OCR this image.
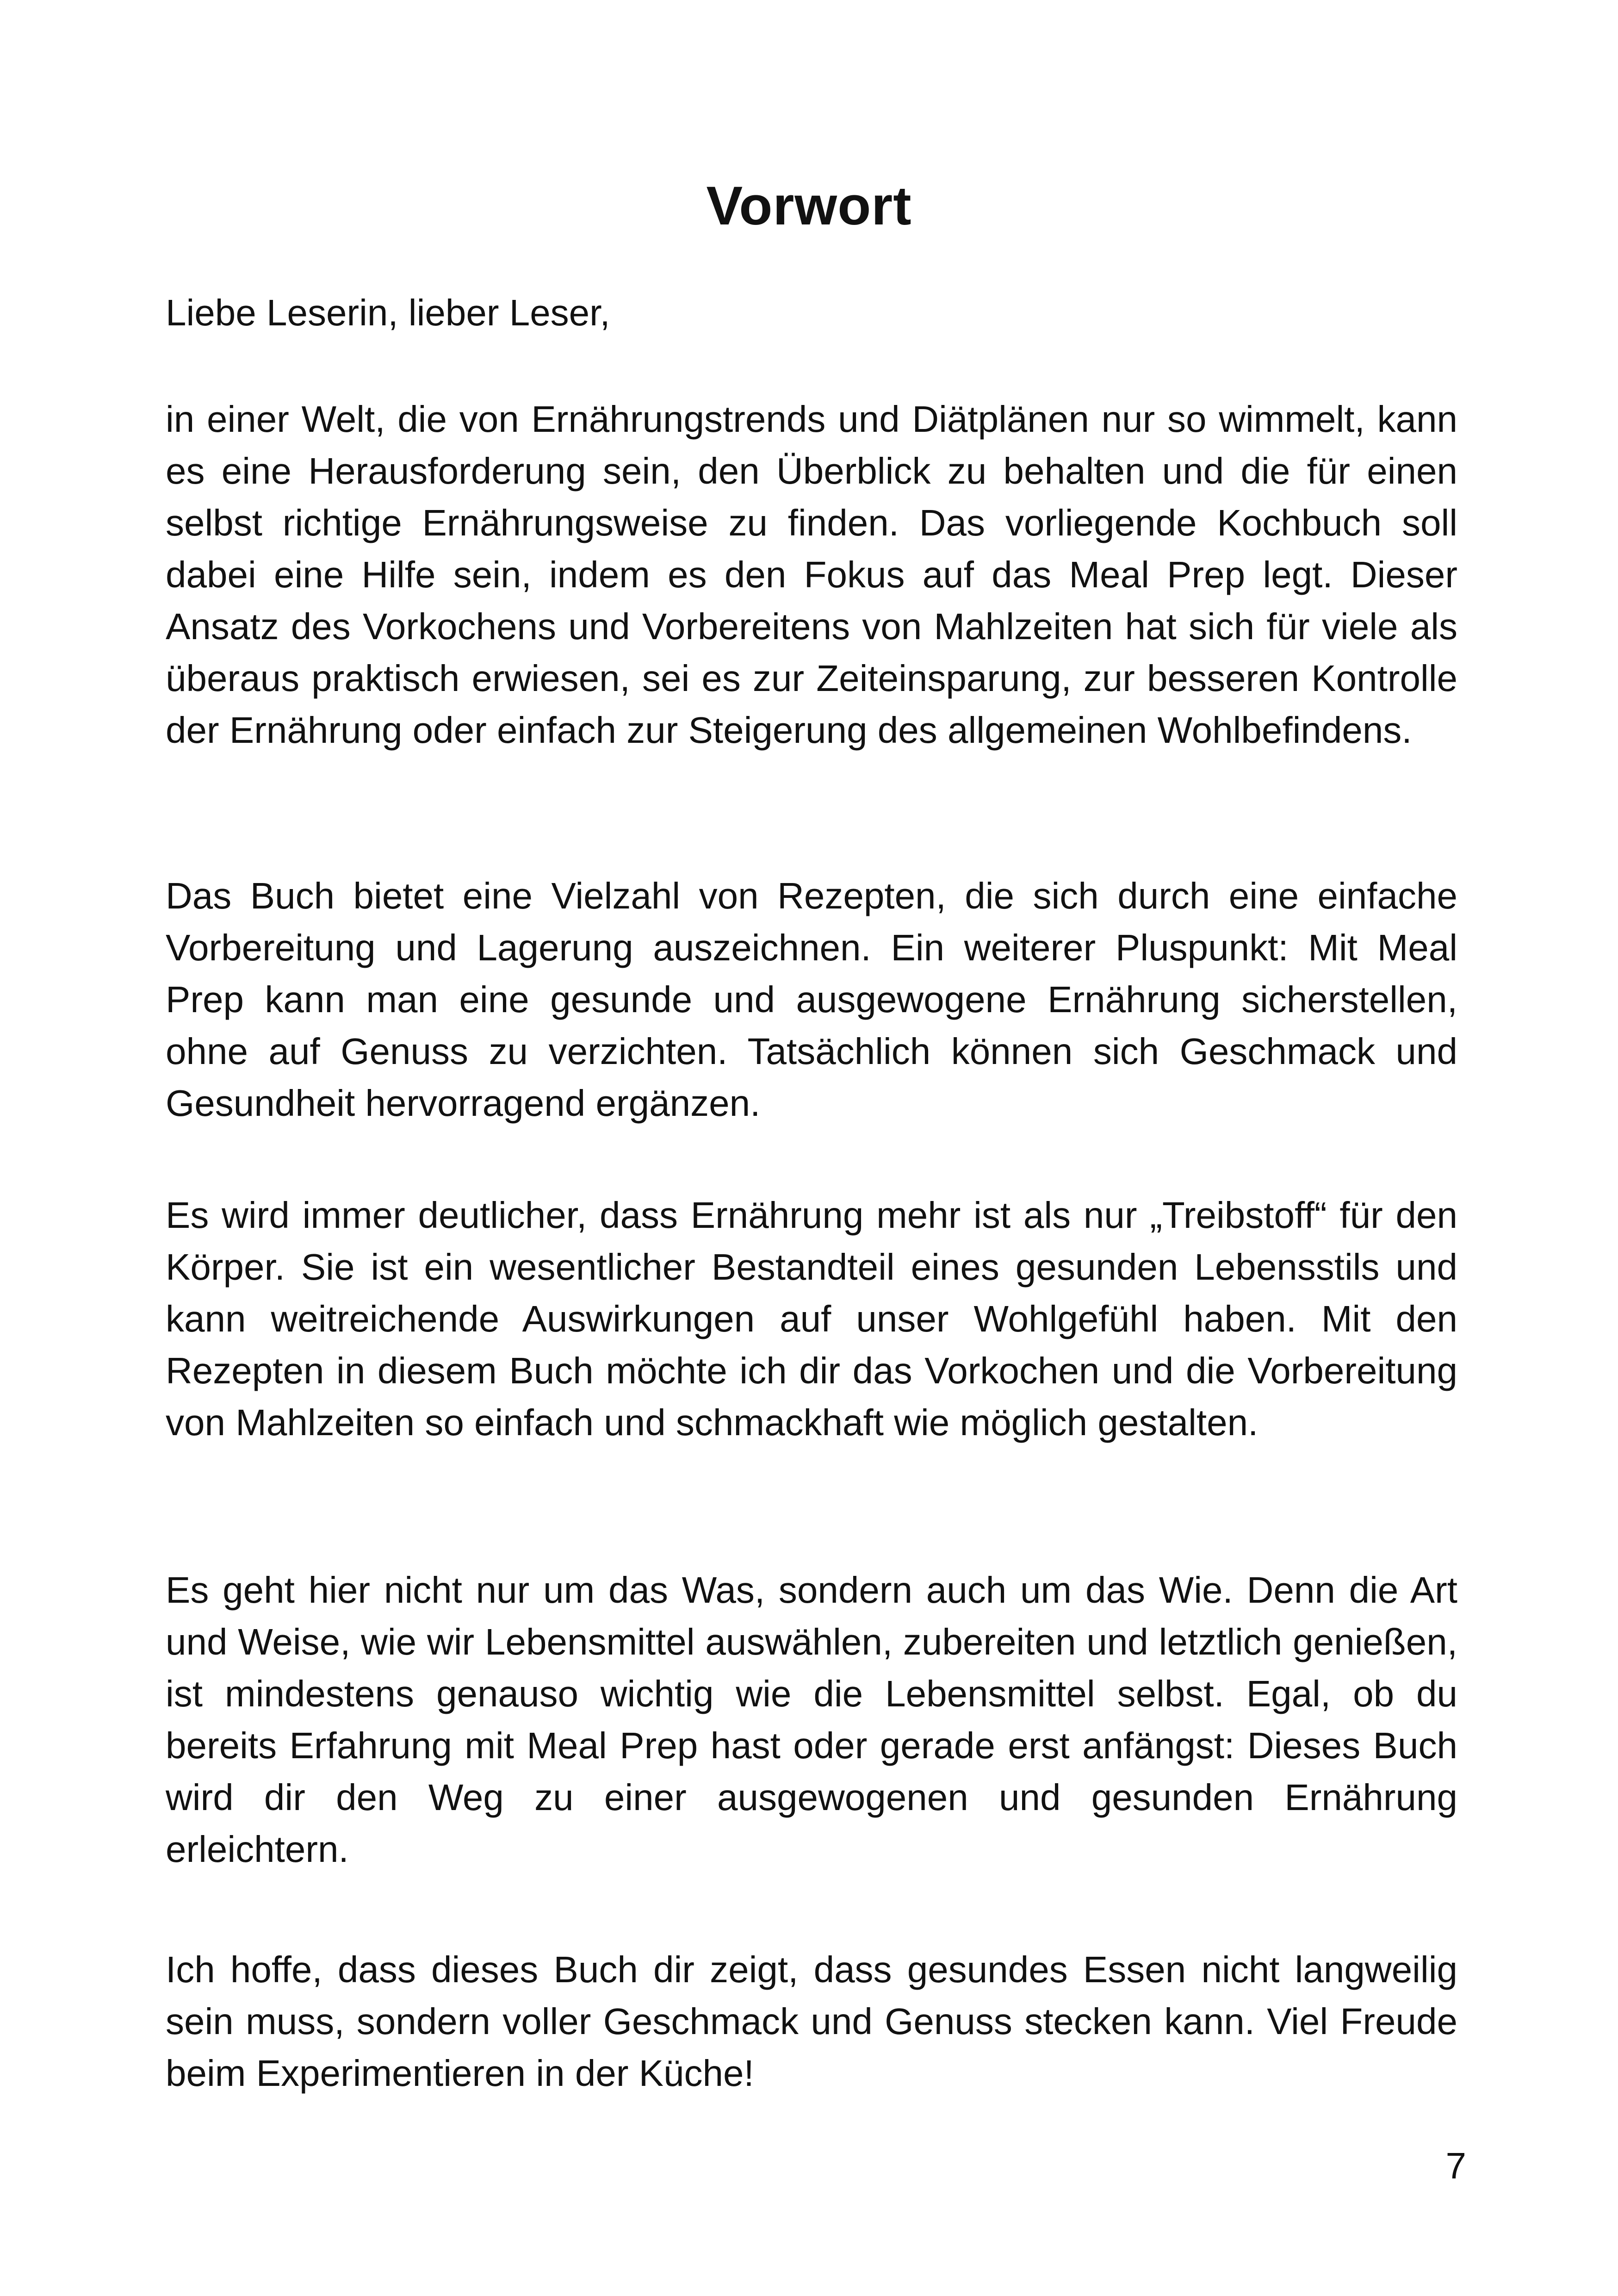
Vorwort

Liebe Leserin, lieber Leser,

in einer Welt, die von Ernährungstrends und Diätplänen nur so wimmelt, kann es eine Herausforderung sein, den Überblick zu behalten und die für einen selbst richtige Ernährungsweise zu finden. Das vorliegende Kochbuch soll dabei eine Hilfe sein, indem es den Fokus auf das Meal Prep legt. Dieser Ansatz des Vorkochens und Vorbereitens von Mahlzeiten hat sich für viele als überaus praktisch erwiesen, sei es zur Zeiteinsparung, zur besseren Kontrolle der Ernährung oder einfach zur Steigerung des allgemeinen Wohlbefindens.

Das Buch bietet eine Vielzahl von Rezepten, die sich durch eine einfache Vorbereitung und Lagerung auszeichnen. Ein weiterer Pluspunkt: Mit Meal Prep kann man eine gesunde und ausgewogene Ernährung sicherstellen, ohne auf Genuss zu verzichten. Tatsächlich können sich Geschmack und Gesundheit hervorragend ergänzen.

Es wird immer deutlicher, dass Ernährung mehr ist als nur „Treibstoff“ für den Körper. Sie ist ein wesentlicher Bestandteil eines gesunden Lebensstils und kann weitreichende Auswirkungen auf unser Wohlgefühl haben. Mit den Rezepten in diesem Buch möchte ich dir das Vorkochen und die Vorbereitung von Mahlzeiten so einfach und schmackhaft wie möglich gestalten.

Es geht hier nicht nur um das Was, sondern auch um das Wie. Denn die Art und Weise, wie wir Lebensmittel auswählen, zubereiten und letztlich genießen, ist mindestens genauso wichtig wie die Lebensmittel selbst. Egal, ob du bereits Erfahrung mit Meal Prep hast oder gerade erst anfängst: Dieses Buch wird dir den Weg zu einer ausgewogenen und gesunden Ernährung erleichtern.

Ich hoffe, dass dieses Buch dir zeigt, dass gesundes Essen nicht langweilig sein muss, sondern voller Geschmack und Genuss stecken kann. Viel Freude beim Experimentieren in der Küche!

7
